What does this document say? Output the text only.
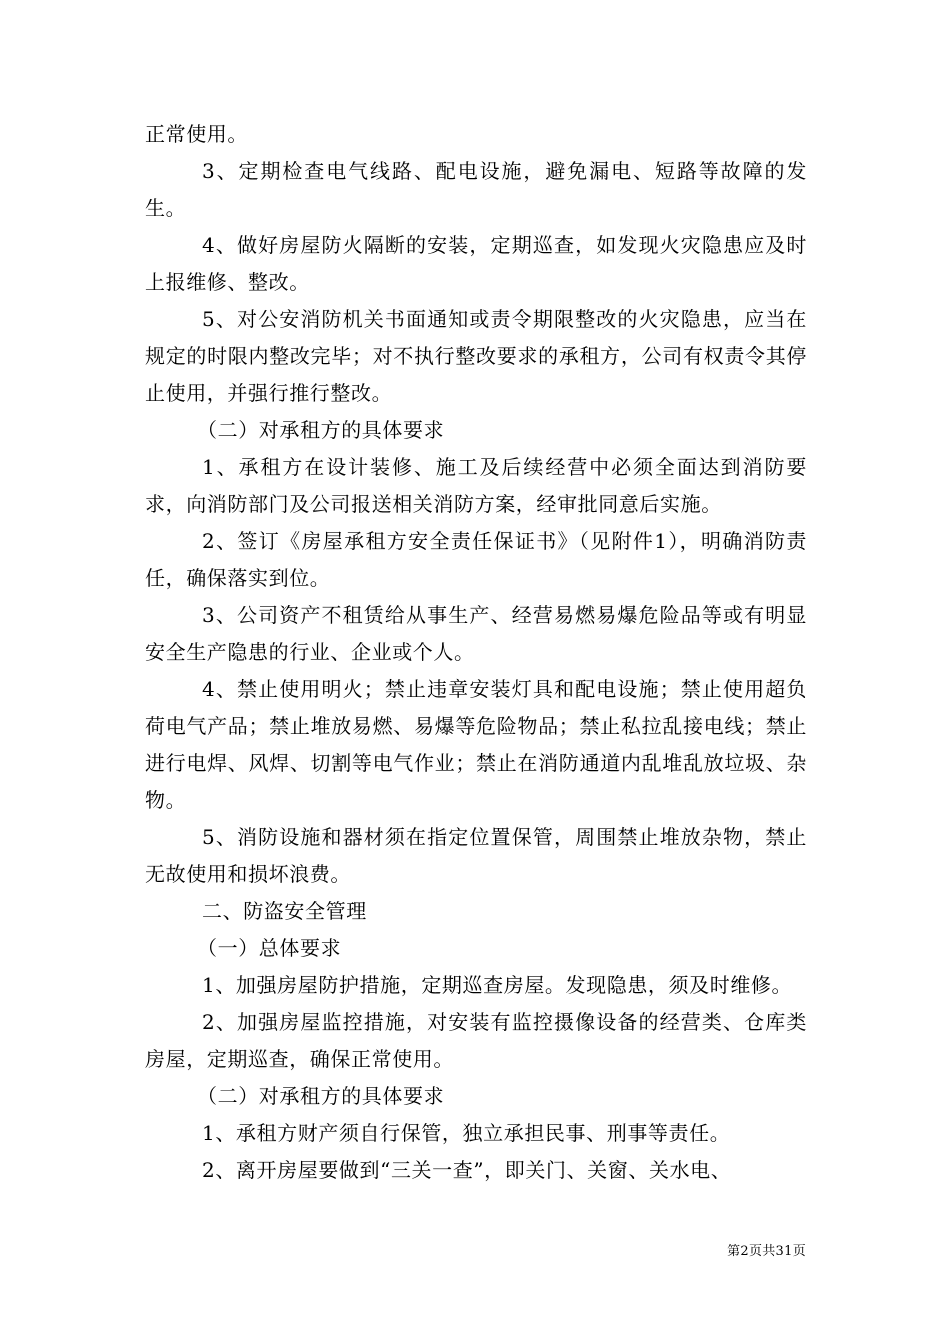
正常使用。

3、定期检查电气线路、配电设施，避免漏电、短路等故障的发生。

4、做好房屋防火隔断的安装，定期巡查，如发现火灾隐患应及时上报维修、整改。

5、对公安消防机关书面通知或责令期限整改的火灾隐患，应当在规定的时限内整改完毕；对不执行整改要求的承租方，公司有权责令其停止使用，并强行推行整改。

（二）对承租方的具体要求

1、承租方在设计装修、施工及后续经营中必须全面达到消防要求，向消防部门及公司报送相关消防方案，经审批同意后实施。

2、签订《房屋承租方安全责任保证书》（见附件1），明确消防责任，确保落实到位。

3、公司资产不租赁给从事生产、经营易燃易爆危险品等或有明显安全生产隐患的行业、企业或个人。

4、禁止使用明火；禁止违章安装灯具和配电设施；禁止使用超负荷电气产品；禁止堆放易燃、易爆等危险物品；禁止私拉乱接电线；禁止进行电焊、风焊、切割等电气作业；禁止在消防通道内乱堆乱放垃圾、杂物。

5、消防设施和器材须在指定位置保管，周围禁止堆放杂物，禁止无故使用和损坏浪费。

二、防盗安全管理

（一）总体要求

1、加强房屋防护措施，定期巡查房屋。发现隐患，须及时维修。

2、加强房屋监控措施，对安装有监控摄像设备的经营类、仓库类房屋，定期巡查，确保正常使用。

（二）对承租方的具体要求

1、承租方财产须自行保管，独立承担民事、刑事等责任。

2、离开房屋要做到“三关一查”，即关门、关窗、关水电、

第2页共31页
